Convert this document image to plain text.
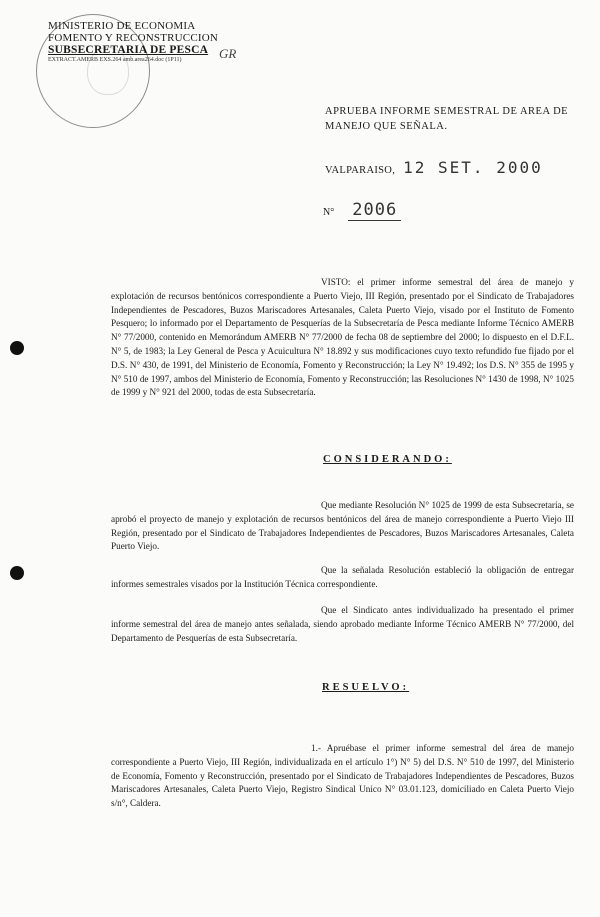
MINISTERIO DE ECONOMIA
FOMENTO Y RECONSTRUCCION
SUBSECRETARIA DE PESCA
EXTRACT.AMERB EXS.264 amb.area264.doc (1P11)	GR
APRUEBA INFORME SEMESTRAL DE AREA DE MANEJO QUE SEÑALA.
VALPARAISO, 12 SET. 2000
N° 2006
VISTO: el primer informe semestral del área de manejo y explotación de recursos bentónicos correspondiente a Puerto Viejo, III Región, presentado por el Sindicato de Trabajadores Independientes de Pescadores, Buzos Mariscadores Artesanales, Caleta Puerto Viejo, visado por el Instituto de Fomento Pesquero; lo informado por el Departamento de Pesquerías de la Subsecretaría de Pesca mediante Informe Técnico AMERB N° 77/2000, contenido en Memorándum AMERB N° 77/2000 de fecha 08 de septiembre del 2000; lo dispuesto en el D.F.L. N° 5, de 1983; la Ley General de Pesca y Acuicultura N° 18.892 y sus modificaciones cuyo texto refundido fue fijado por el D.S. N° 430, de 1991, del Ministerio de Economía, Fomento y Reconstrucción; la Ley N° 19.492; los D.S. N° 355 de 1995 y N° 510 de 1997, ambos del Ministerio de Economía, Fomento y Reconstrucción; las Resoluciones N° 1430 de 1998, N° 1025 de 1999 y N° 921 del 2000, todas de esta Subsecretaría.
CONSIDERANDO:
Que mediante Resolución N° 1025 de 1999 de esta Subsecretaría, se aprobó el proyecto de manejo y explotación de recursos bentónicos del área de manejo correspondiente a Puerto Viejo III Región, presentado por el Sindicato de Trabajadores Independientes de Pescadores, Buzos Mariscadores Artesanales, Caleta Puerto Viejo.
Que la señalada Resolución estableció la obligación de entregar informes semestrales visados por la Institución Técnica correspondiente.
Que el Sindicato antes individualizado ha presentado el primer informe semestral del área de manejo antes señalada, siendo aprobado mediante Informe Técnico AMERB N° 77/2000, del Departamento de Pesquerías de esta Subsecretaría.
RESUELVO:
1.- Apruébase el primer informe semestral del área de manejo correspondiente a Puerto Viejo, III Región, individualizada en el artículo 1°) N° 5) del D.S. N° 510 de 1997, del Ministerio de Economía, Fomento y Reconstrucción, presentado por el Sindicato de Trabajadores Independientes de Pescadores, Buzos Mariscadores Artesanales, Caleta Puerto Viejo, Registro Sindical Unico N° 03.01.123, domiciliado en Caleta Puerto Viejo s/n°, Caldera.
